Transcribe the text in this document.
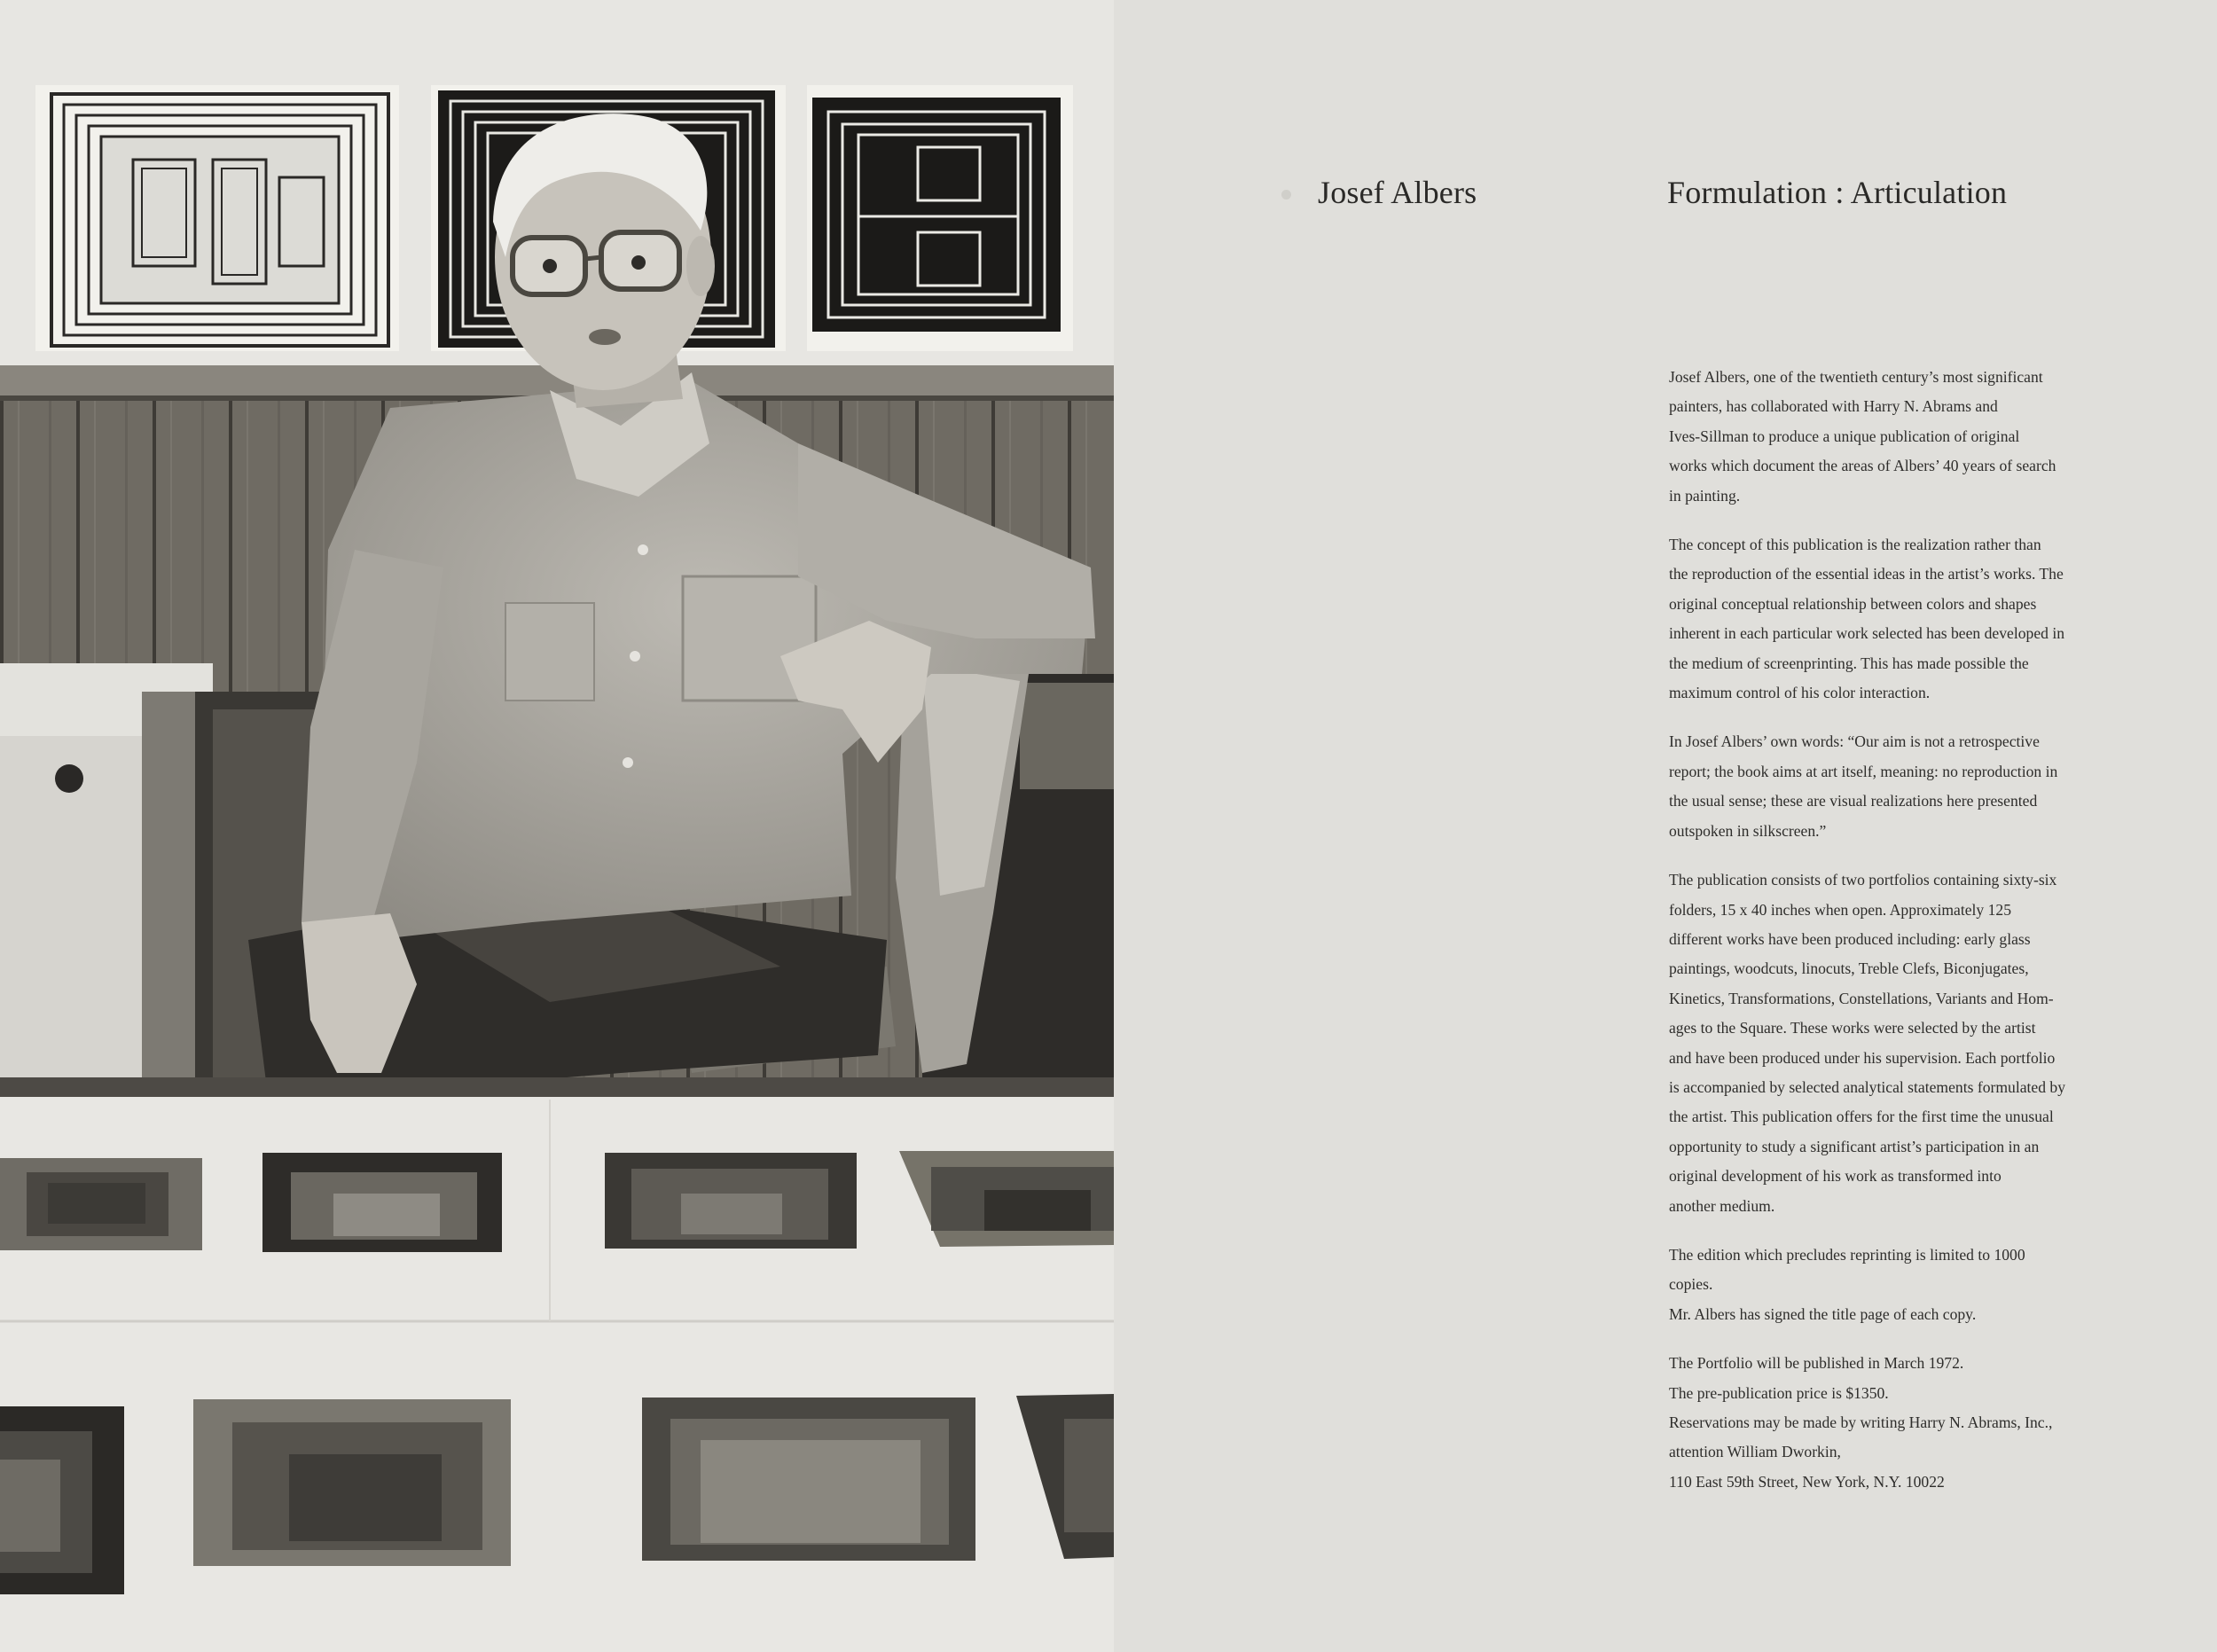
Josef Albers	Formulation : Articulation
Josef Albers, one of the twentieth century’s most significant
painters, has collaborated with Harry N. Abrams and
Ives-Sillman to produce a unique publication of original
works which document the areas of Albers’ 40 years of search
in painting.
The concept of this publication is the realization rather than
the reproduction of the essential ideas in the artist’s works. The
original conceptual relationship between colors and shapes
inherent in each particular work selected has been developed in
the medium of screenprinting. This has made possible the
maximum control of his color interaction.
In Josef Albers’ own words: “Our aim is not a retrospective
report; the book aims at art itself, meaning: no reproduction in
the usual sense; these are visual realizations here presented
outspoken in silkscreen.”
The publication consists of two portfolios containing sixty-six
folders, 15 x 40 inches when open. Approximately 125
different works have been produced including: early glass
paintings, woodcuts, linocuts, Treble Clefs, Biconjugates,
Kinetics, Transformations, Constellations, Variants and Hom-
ages to the Square. These works were selected by the artist
and have been produced under his supervision. Each portfolio
is accompanied by selected analytical statements formulated by
the artist. This publication offers for the first time the unusual
opportunity to study a significant artist’s participation in an
original development of his work as transformed into
another medium.
The edition which precludes reprinting is limited to 1000
copies.
Mr. Albers has signed the title page of each copy.
The Portfolio will be published in March 1972.
The pre-publication price is $1350.
Reservations may be made by writing Harry N. Abrams, Inc.,
attention William Dworkin,
110 East 59th Street, New York, N.Y. 10022
